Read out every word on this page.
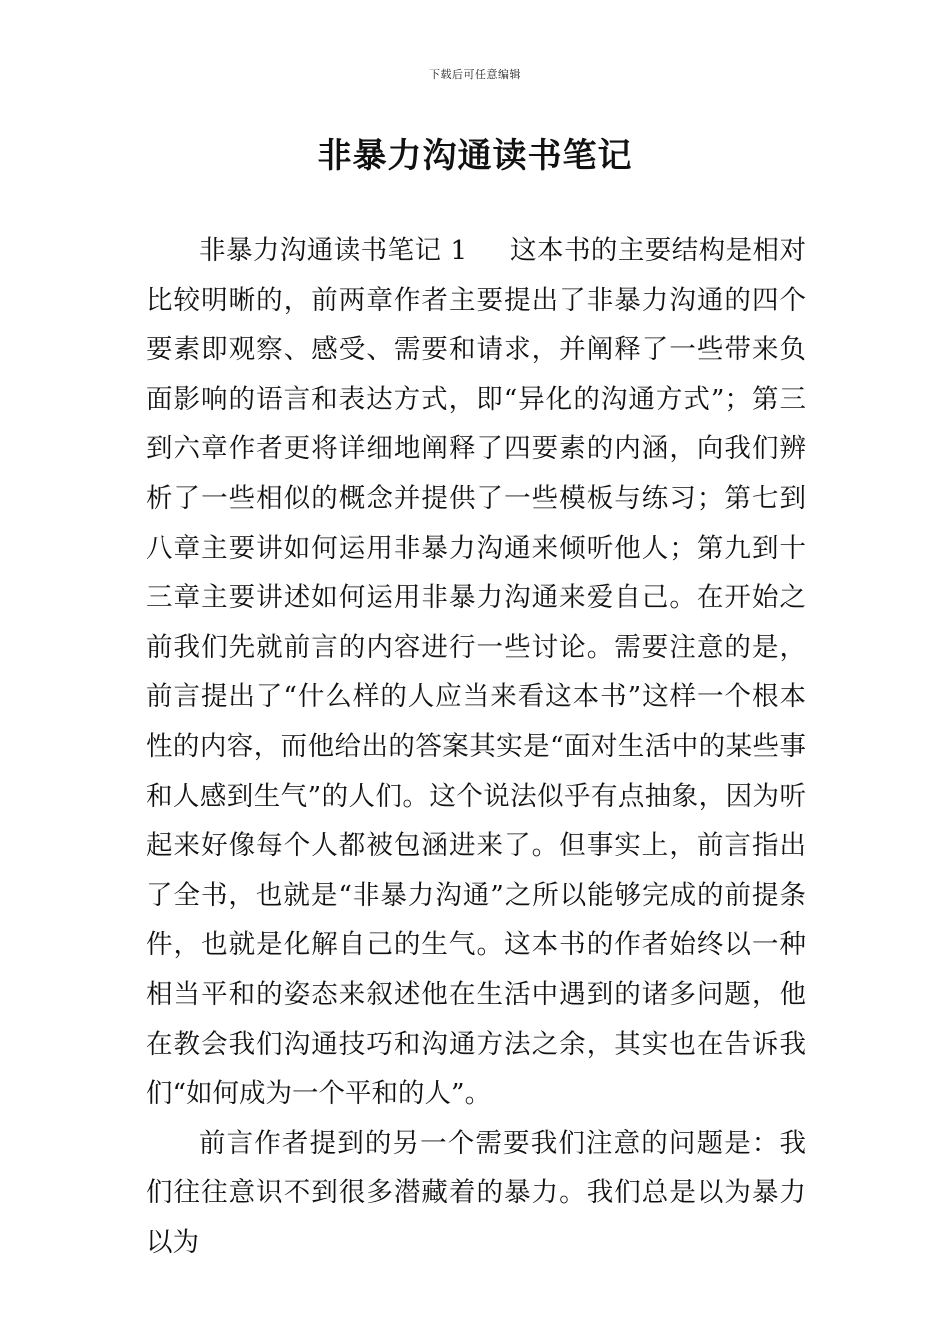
下载后可任意编辑
非暴力沟通读书笔记

非暴力沟通读书笔记 1 这本书的主要结构是相对比较明晰的，前两章作者主要提出了非暴力沟通的四个要素即观察、感受、需要和请求，并阐释了一些带来负面影响的语言和表达方式，即“异化的沟通方式”；第三到六章作者更将详细地阐释了四要素的内涵，向我们辨析了一些相似的概念并提供了一些模板与练习；第七到八章主要讲如何运用非暴力沟通来倾听他人；第九到十三章主要讲述如何运用非暴力沟通来爱自己。在开始之前我们先就前言的内容进行一些讨论。需要注意的是，前言提出了“什么样的人应当来看这本书”这样一个根本性的内容，而他给出的答案其实是“面对生活中的某些事和人感到生气”的人们。这个说法似乎有点抽象，因为听起来好像每个人都被包涵进来了。但事实上，前言指出了全书，也就是“非暴力沟通”之所以能够完成的前提条件，也就是化解自己的生气。这本书的作者始终以一种相当平和的姿态来叙述他在生活中遇到的诸多问题，他在教会我们沟通技巧和沟通方法之余，其实也在告诉我们“如何成为一个平和的人”。

前言作者提到的另一个需要我们注意的问题是：我们往往意识不到很多潜藏着的暴力。我们总是以为暴力以为
